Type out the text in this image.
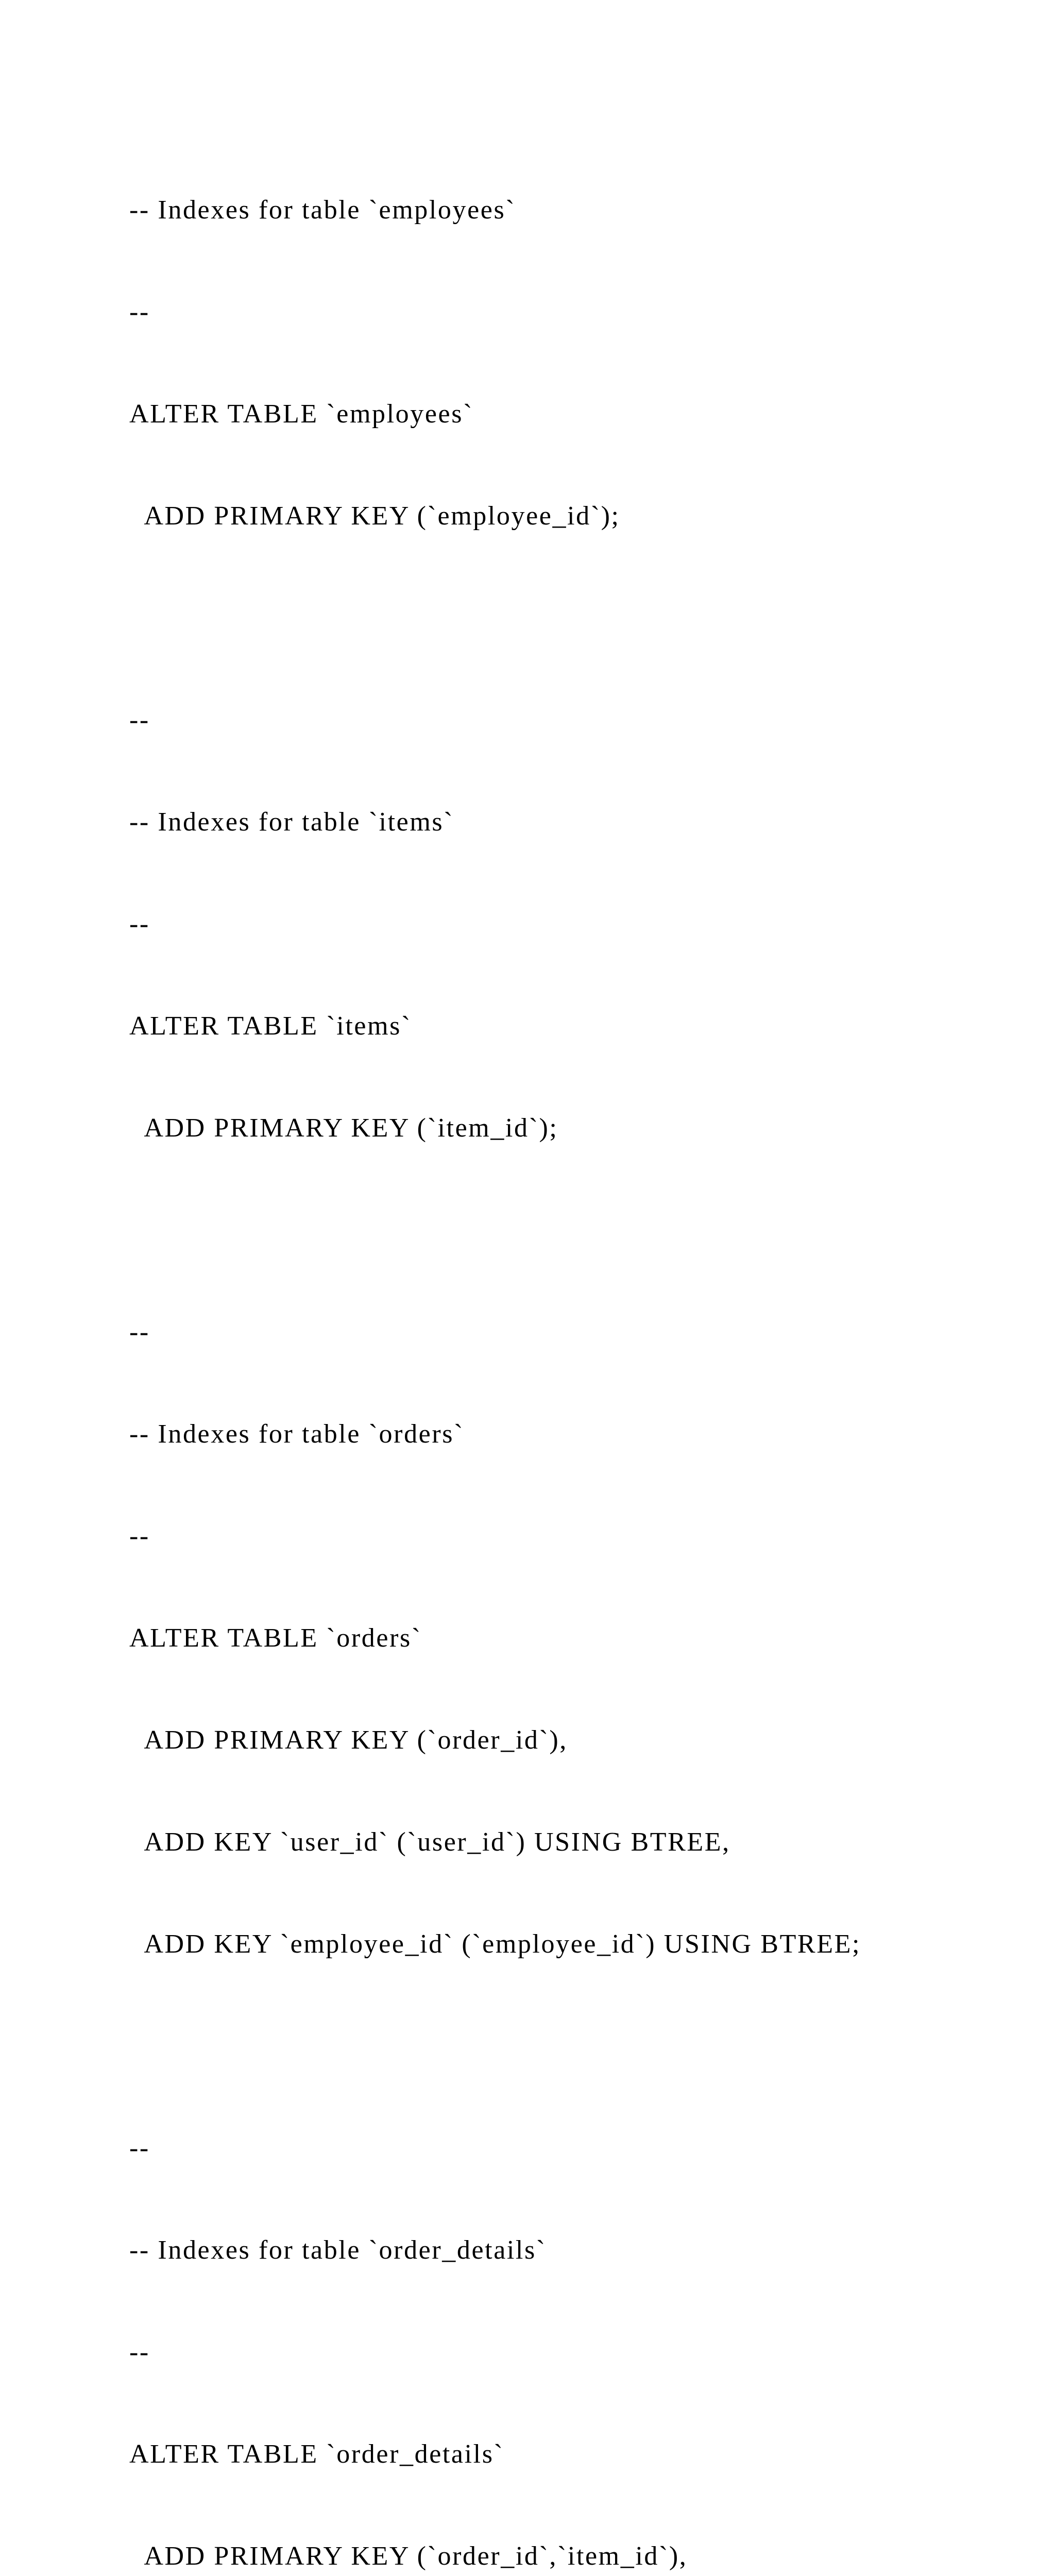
-- Indexes for table `employees`

--

ALTER TABLE `employees`

ADD PRIMARY KEY (`employee_id`);

--

-- Indexes for table `items`

--

ALTER TABLE `items`

ADD PRIMARY KEY (`item_id`);

--

-- Indexes for table `orders`

--

ALTER TABLE `orders`

ADD PRIMARY KEY (`order_id`),

ADD KEY `user_id` (`user_id`) USING BTREE,

ADD KEY `employee_id` (`employee_id`) USING BTREE;

--

-- Indexes for table `order_details`

--

ALTER TABLE `order_details`

ADD PRIMARY KEY (`order_id`,`item_id`),
